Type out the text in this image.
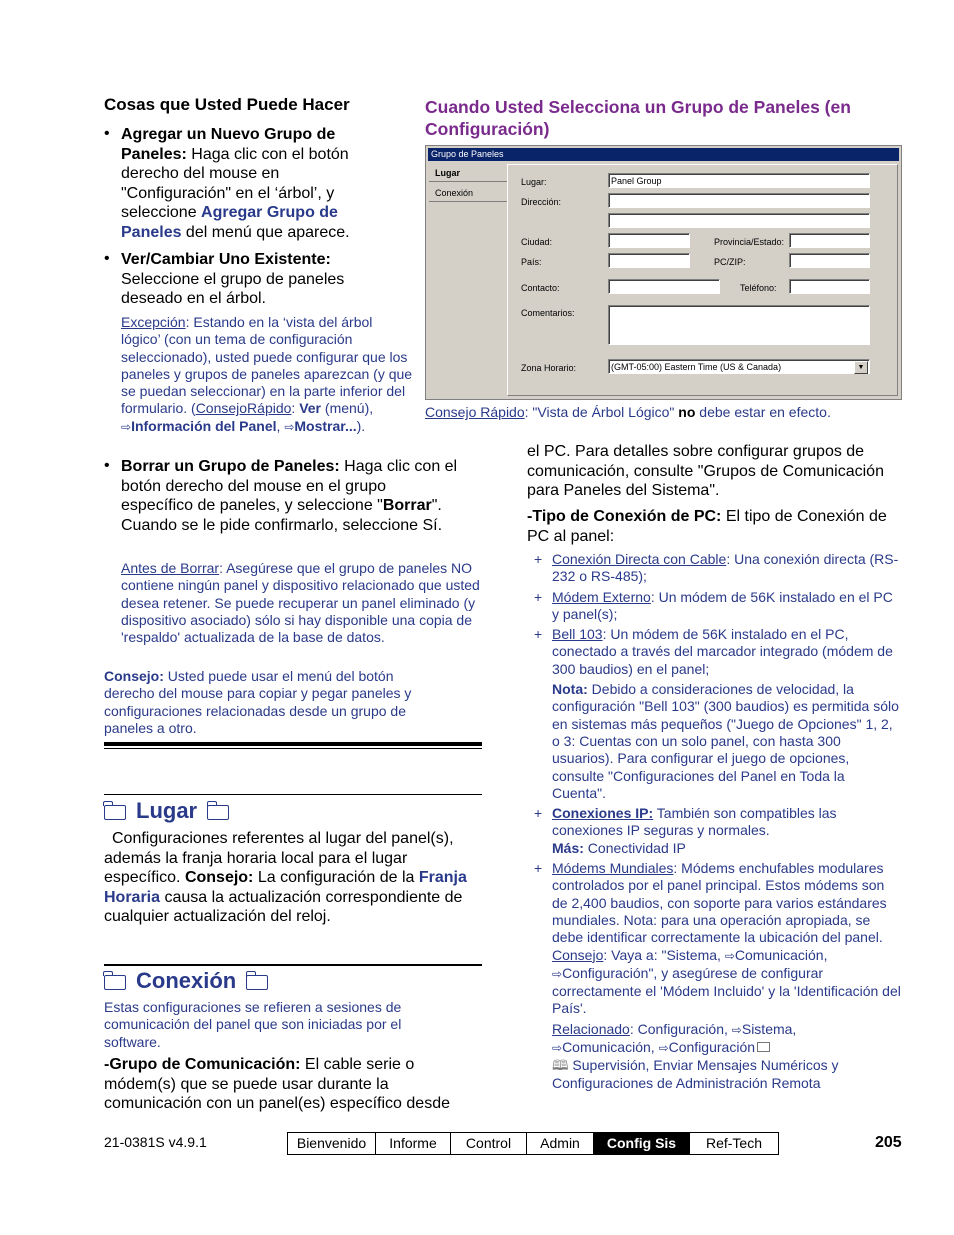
Cosas que Usted Puede Hacer
• Agregar un Nuevo Grupo de Paneles: Haga clic con el botón derecho del mouse en "Configuración" en el ‘árbol’, y seleccione Agregar Grupo de Paneles del menú que aparece.
• Ver/Cambiar Uno Existente:
Seleccione el grupo de paneles deseado en el árbol.
Excepción: Estando en la ‘vista del árbol lógico’ (con un tema de configuración seleccionado), usted puede configurar que los paneles y grupos de paneles aparezcan (y que se puedan seleccionar) en la parte inferior del formulario. (ConsejoRápido: Ver (menú),
⇨Información del Panel, ⇨Mostrar...).
• Borrar un Grupo de Paneles: Haga clic con el botón derecho del mouse en el grupo específico de paneles, y seleccione "Borrar". Cuando se le pide confirmarlo, seleccione Sí.
Antes de Borrar: Asegúrese que el grupo de paneles NO contiene ningún panel y dispositivo relacionado que usted desea retener. Se puede recuperar un panel eliminado (y dispositivo asociado) sólo si hay disponible una copia de 'respaldo' actualizada de la base de datos.
Consejo: Usted puede usar el menú del botón derecho del mouse para copiar y pegar paneles y configuraciones relacionadas desde un grupo de paneles a otro.
Lugar
Configuraciones referentes al lugar del panel(s), además la franja horaria local para el lugar específico. Consejo: La configuración de la Franja Horaria causa la actualización correspondiente de cualquier actualización del reloj.
Conexión
Estas configuraciones se refieren a sesiones de comunicación del panel que son iniciadas por el software.
-Grupo de Comunicación: El cable serie o módem(s) que se puede usar durante la comunicación con un panel(es) específico desde
Cuando Usted Selecciona un Grupo de Paneles (en Configuración)
Grupo de Paneles
Lugar
Conexión
Lugar:	Panel Group
Dirección:
Ciudad:	Provincia/Estado:
País:	PC/ZIP:
Contacto:	Teléfono:
Comentarios:
Zona Horario:	(GMT-05:00) Eastern Time (US & Canada)	▼
Consejo Rápido: "Vista de Árbol Lógico" no debe estar en efecto.
el PC. Para detalles sobre configurar grupos de comunicación, consulte "Grupos de Comunicación para Paneles del Sistema".
-Tipo de Conexión de PC: El tipo de Conexión de PC al panel:
+ Conexión Directa con Cable: Una conexión directa (RS-232 o RS-485);
+ Módem Externo: Un módem de 56K instalado en el PC y panel(s);
+ Bell 103: Un módem de 56K instalado en el PC, conectado a través del marcador integrado (módem de 300 baudios) en el panel;
Nota: Debido a consideraciones de velocidad, la configuración "Bell 103" (300 baudios) es permitida sólo en sistemas más pequeños ("Juego de Opciones" 1, 2, o 3: Cuentas con un solo panel, con hasta 300 usuarios). Para configurar el juego de opciones, consulte "Configuraciones del Panel en Toda la Cuenta".
+ Conexiones IP: También son compatibles las conexiones IP seguras y normales.
Más: Conectividad IP
+ Módems Mundiales: Módems enchufables modulares controlados por el panel principal. Estos módems son de 2,400 baudios, con soporte para varios estándares mundiales. Nota: para una operación apropiada, se debe identificar correctamente la ubicación del panel. Consejo: Vaya a: "Sistema, ⇨Comunicación, ⇨Configuración", y asegúrese de configurar correctamente el 'Módem Incluido' y la 'Identificación del País'.
Relacionado: Configuración, ⇨Sistema, ⇨Comunicación, ⇨Configuración
🕮 Supervisión, Enviar Mensajes Numéricos y Configuraciones de Administración Remota
21-0381S v4.9.1	Bienvenido	Informe	Control	Admin	Config Sis	Ref-Tech	205
